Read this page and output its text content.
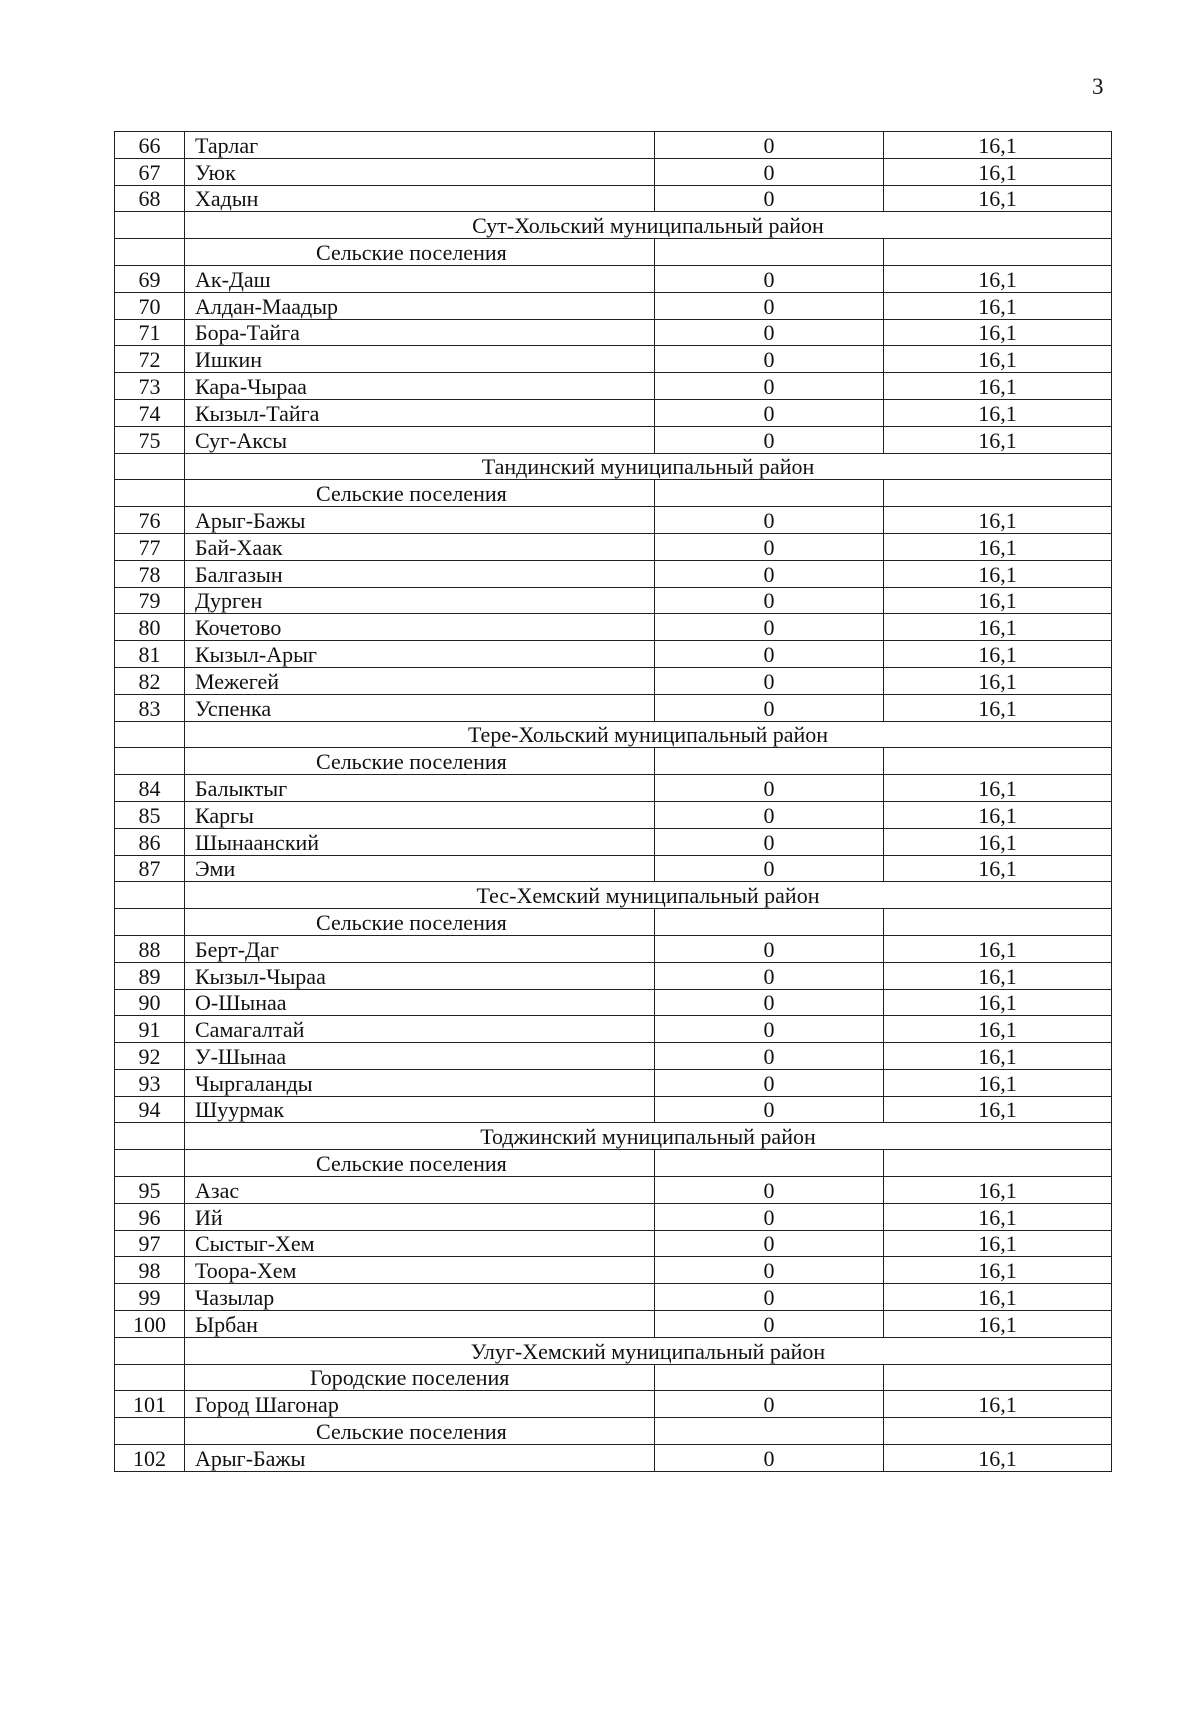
3
66	Тарлаг	0	16,1
67	Уюк	0	16,1
68	Хадын	0	16,1
	Сут-Хольский муниципальный район		
	Сельские поселения		
69	Ак-Даш	0	16,1
70	Алдан-Маадыр	0	16,1
71	Бора-Тайга	0	16,1
72	Ишкин	0	16,1
73	Кара-Чыраа	0	16,1
74	Кызыл-Тайга	0	16,1
75	Суг-Аксы	0	16,1
	Тандинский муниципальный район		
	Сельские поселения		
76	Арыг-Бажы	0	16,1
77	Бай-Хаак	0	16,1
78	Балгазын	0	16,1
79	Дурген	0	16,1
80	Кочетово	0	16,1
81	Кызыл-Арыг	0	16,1
82	Межегей	0	16,1
83	Успенка	0	16,1
	Тере-Хольский муниципальный район		
	Сельские поселения		
84	Балыктыг	0	16,1
85	Каргы	0	16,1
86	Шынаанский	0	16,1
87	Эми	0	16,1
	Тес-Хемский муниципальный район		
	Сельские поселения		
88	Берт-Даг	0	16,1
89	Кызыл-Чыраа	0	16,1
90	О-Шынаа	0	16,1
91	Самагалтай	0	16,1
92	У-Шынаа	0	16,1
93	Чыргаланды	0	16,1
94	Шуурмак	0	16,1
	Тоджинский муниципальный район		
	Сельские поселения		
95	Азас	0	16,1
96	Ий	0	16,1
97	Сыстыг-Хем	0	16,1
98	Тоора-Хем	0	16,1
99	Чазылар	0	16,1
100	Ырбан	0	16,1
	Улуг-Хемский муниципальный район		
	Городские поселения		
101	Город Шагонар	0	16,1
	Сельские поселения		
102	Арыг-Бажы	0	16,1
